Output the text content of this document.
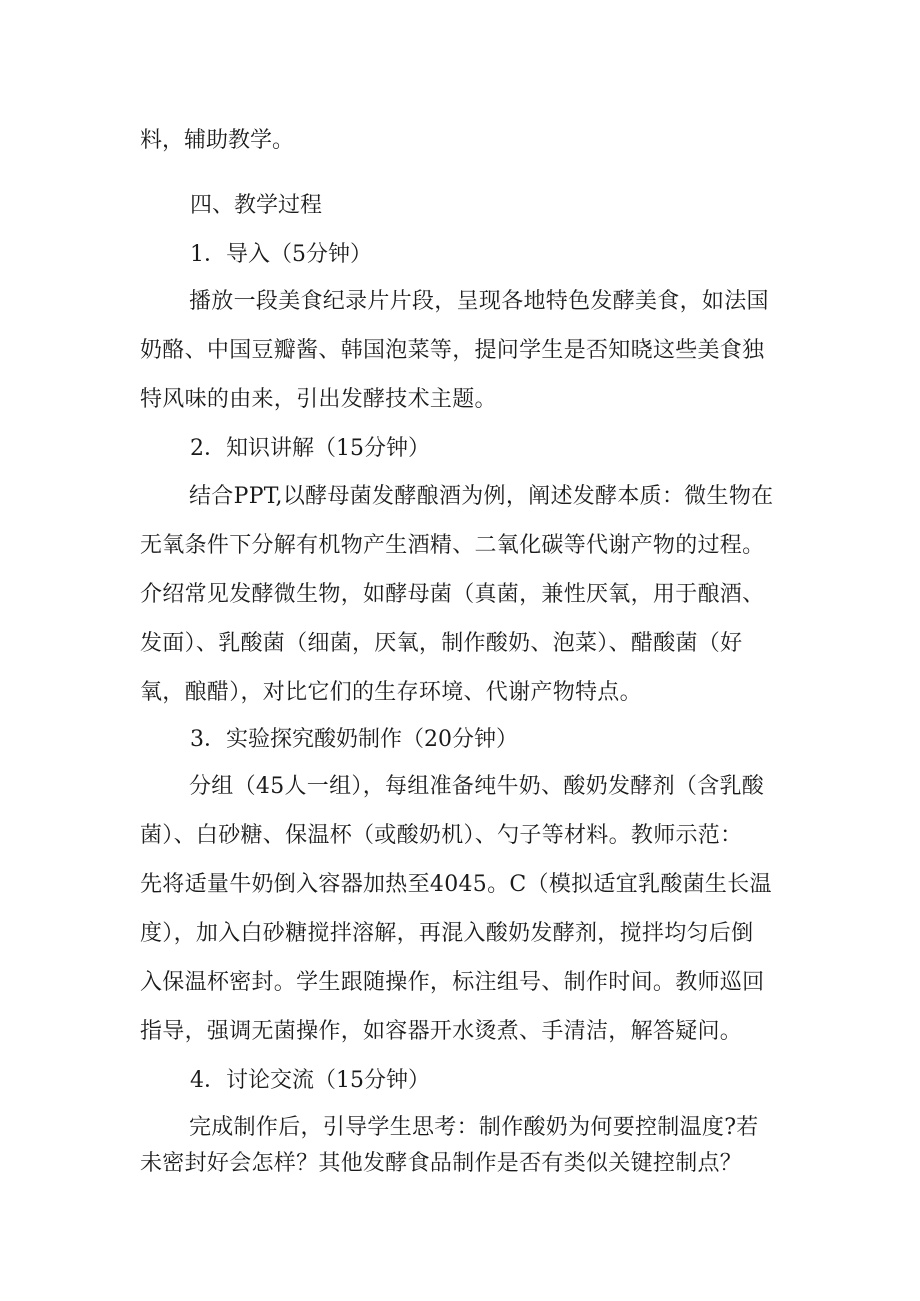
料，辅助教学。

四、教学过程

1．导入（5分钟）

播放一段美食纪录片片段，呈现各地特色发酵美食，如法国
奶酪、中国豆瓣酱、韩国泡菜等，提问学生是否知晓这些美食独
特风味的由来，引出发酵技术主题。

2．知识讲解（15分钟）

结合PPT,以酵母菌发酵酿酒为例，阐述发酵本质：微生物在
无氧条件下分解有机物产生酒精、二氧化碳等代谢产物的过程。
介绍常见发酵微生物，如酵母菌（真菌，兼性厌氧，用于酿酒、
发面）、乳酸菌（细菌，厌氧，制作酸奶、泡菜）、醋酸菌（好
氧，酿醋），对比它们的生存环境、代谢产物特点。

3．实验探究酸奶制作（20分钟）

分组（45人一组），每组准备纯牛奶、酸奶发酵剂（含乳酸
菌）、白砂糖、保温杯（或酸奶机）、勺子等材料。教师示范：
先将适量牛奶倒入容器加热至4045。C（模拟适宜乳酸菌生长温
度），加入白砂糖搅拌溶解，再混入酸奶发酵剂，搅拌均匀后倒
入保温杯密封。学生跟随操作，标注组号、制作时间。教师巡回
指导，强调无菌操作，如容器开水烫煮、手清洁，解答疑问。

4．讨论交流（15分钟）

完成制作后，引导学生思考：制作酸奶为何要控制温度?若
未密封好会怎样？其他发酵食品制作是否有类似关键控制点？
